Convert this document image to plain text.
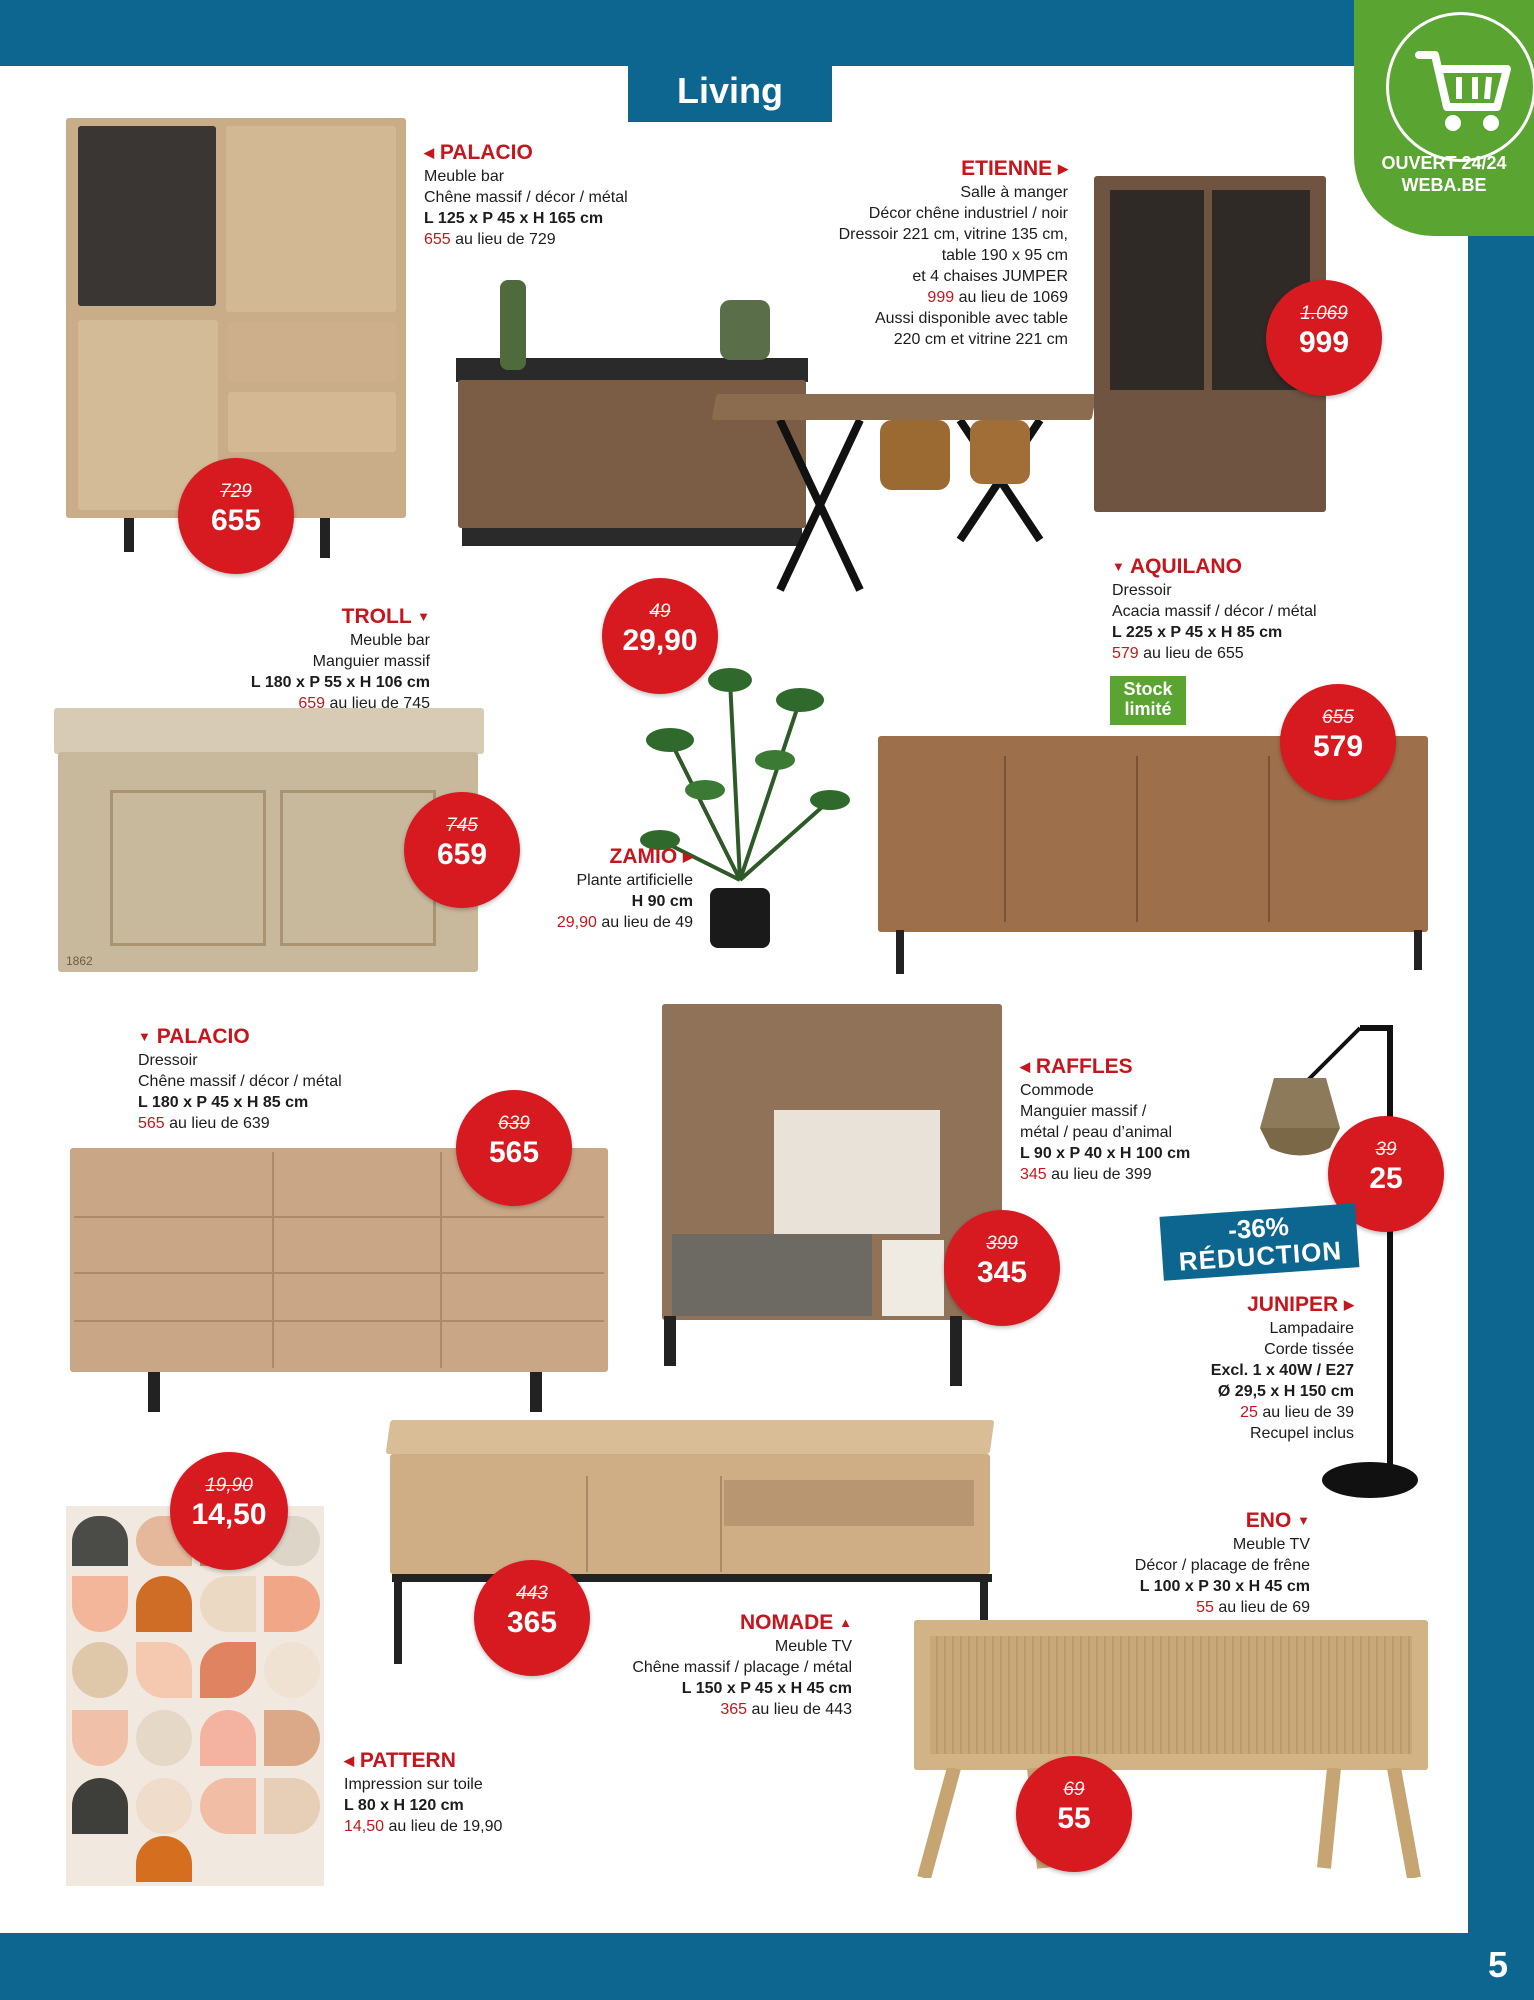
5
Living
OUVERT 24/24
WEBA.BE
1862
◀ PALACIO
Meuble bar
Chêne massif / décor / métal
L 125 x P 45 x H 165 cm
655 au lieu de 729
ETIENNE ▶
Salle à manger
Décor chêne industriel / noir
Dressoir 221 cm, vitrine 135 cm,
table 190 x 95 cm
et 4 chaises JUMPER
999 au lieu de 1069
Aussi disponible avec table
220 cm et vitrine 221 cm
▼ AQUILANO
Dressoir
Acacia massif / décor / métal
L 225 x P 45 x H 85 cm
579 au lieu de 655
TROLL ▼
Meuble bar
Manguier massif
L 180 x P 55 x H 106 cm
659 au lieu de 745
ZAMIO ▶
Plante artificielle
H 90 cm
29,90 au lieu de 49
▼ PALACIO
Dressoir
Chêne massif / décor / métal
L 180 x P 45 x H 85 cm
565 au lieu de 639
◀ RAFFLES
Commode
Manguier massif /
métal / peau d’animal
L 90 x P 40 x H 100 cm
345 au lieu de 399
JUNIPER ▶
Lampadaire
Corde tissée
Excl. 1 x 40W / E27
Ø 29,5 x H 150 cm
25 au lieu de 39
Recupel inclus
ENO ▼
Meuble TV
Décor / placage de frêne
L 100 x P 30 x H 45 cm
55 au lieu de 69
NOMADE ▲
Meuble TV
Chêne massif / placage / métal
L 150 x P 45 x H 45 cm
365 au lieu de 443
◀ PATTERN
Impression sur toile
L 80 x H 120 cm
14,50 au lieu de 19,90
729
655
1.069
999
655
579
745
659
49
29,90
639
565
399
345
39
25
69
55
443
365
19,90
14,50
Stock
limité
-36%
RÉDUCTION
